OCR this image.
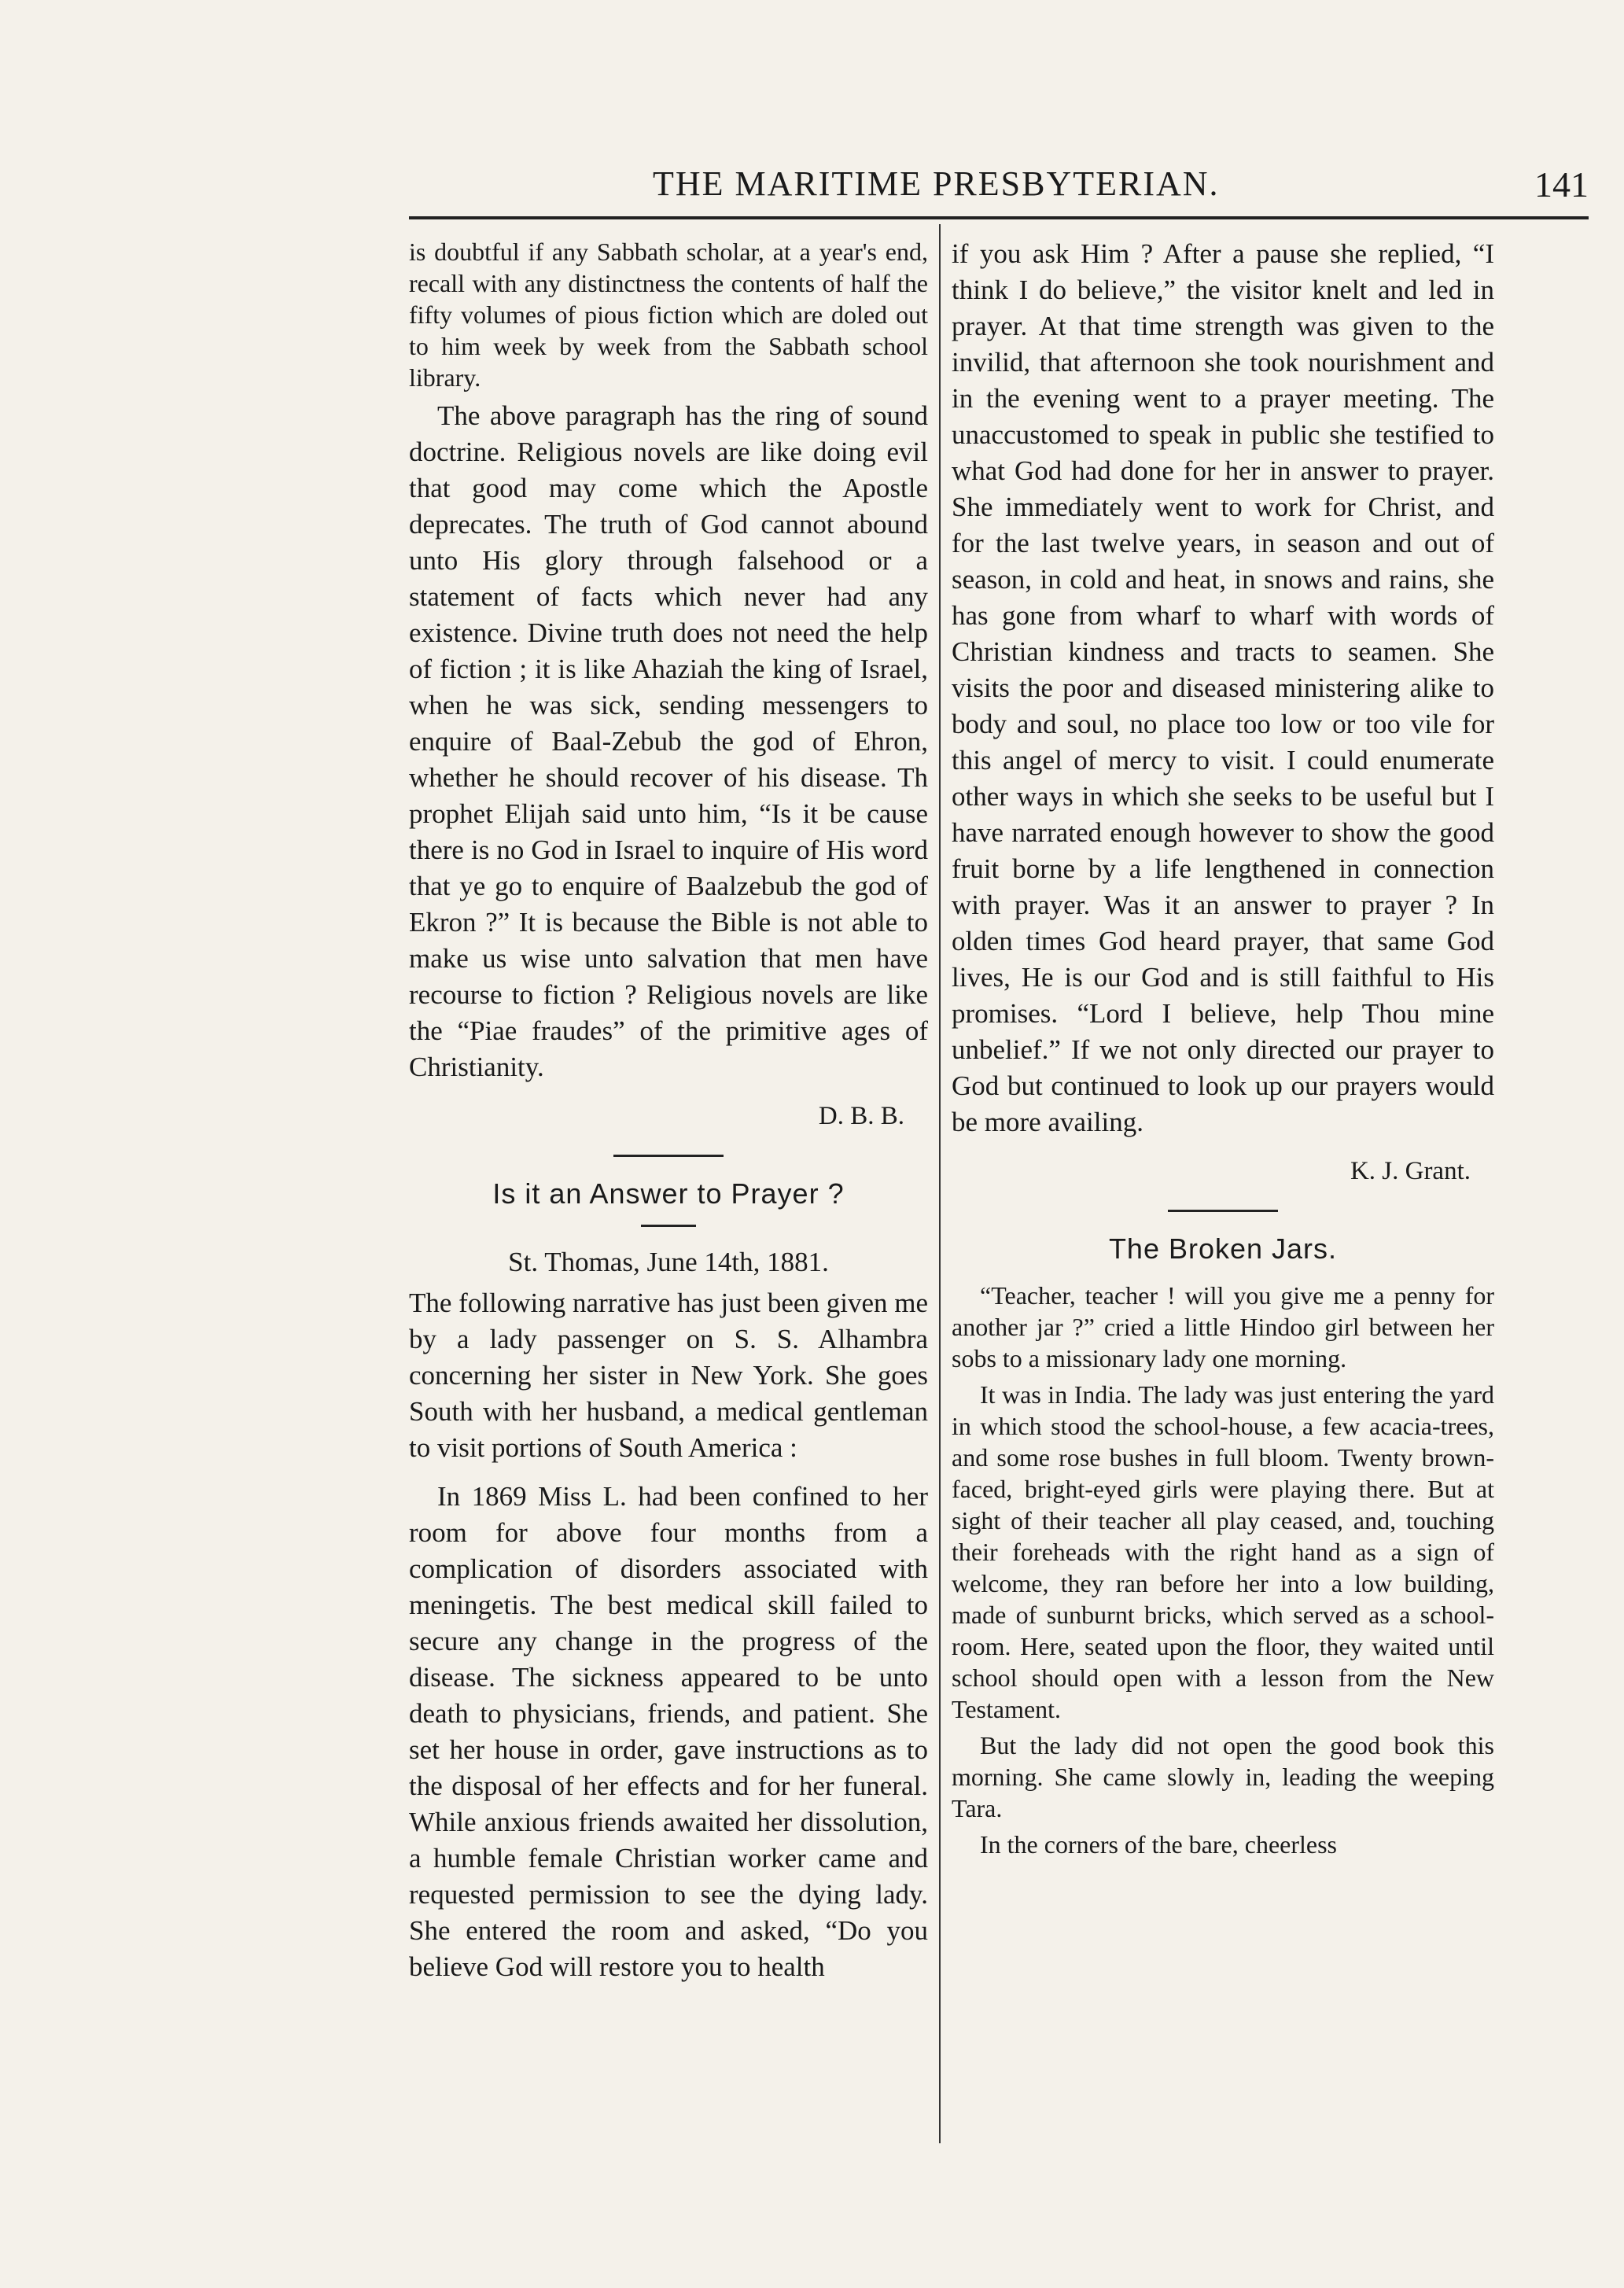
THE MARITIME PRESBYTERIAN.	141

is doubtful if any Sabbath scholar, at a year's end, recall with any distinctness the contents of half the fifty volumes of pious fiction which are doled out to him week by week from the Sabbath school library.

The above paragraph has the ring of sound doctrine. Religious novels are like doing evil that good may come which the Apostle deprecates. The truth of God cannot abound unto His glory through falsehood or a statement of facts which never had any existence. Divine truth does not need the help of fiction ; it is like Ahaziah the king of Israel, when he was sick, sending messengers to enquire of Baal-Zebub the god of Ehron, whether he should recover of his disease. Th prophet Elijah said unto him, “Is it be cause there is no God in Israel to inquire of His word that ye go to enquire of Baalzebub the god of Ekron ?” It is because the Bible is not able to make us wise unto salvation that men have recourse to fiction ? Religious novels are like the “Piae fraudes” of the primitive ages of Christianity.

D. B. B.

Is it an Answer to Prayer ?

St. Thomas, June 14th, 1881.

The following narrative has just been given me by a lady passenger on S. S. Alhambra concerning her sister in New York. She goes South with her husband, a medical gentleman to visit portions of South America :

In 1869 Miss L. had been confined to her room for above four months from a complication of disorders associated with meningetis. The best medical skill failed to secure any change in the progress of the disease. The sickness appeared to be unto death to physicians, friends, and patient. She set her house in order, gave instructions as to the disposal of her effects and for her funeral. While anxious friends awaited her dissolution, a humble female Christian worker came and requested permission to see the dying lady. She entered the room and asked, “Do you believe God will restore you to health

if you ask Him ? After a pause she replied, “I think I do believe,” the visitor knelt and led in prayer. At that time strength was given to the invilid, that afternoon she took nourishment and in the evening went to a prayer meeting. The unaccustomed to speak in public she testified to what God had done for her in answer to prayer. She immediately went to work for Christ, and for the last twelve years, in season and out of season, in cold and heat, in snows and rains, she has gone from wharf to wharf with words of Christian kindness and tracts to seamen. She visits the poor and diseased ministering alike to body and soul, no place too low or too vile for this angel of mercy to visit. I could enumerate other ways in which she seeks to be useful but I have narrated enough however to show the good fruit borne by a life lengthened in connection with prayer. Was it an answer to prayer ? In olden times God heard prayer, that same God lives, He is our God and is still faithful to His promises. “Lord I believe, help Thou mine unbelief.” If we not only directed our prayer to God but continued to look up our prayers would be more availing.

K. J. Grant.

The Broken Jars.

“Teacher, teacher ! will you give me a penny for another jar ?” cried a little Hindoo girl between her sobs to a missionary lady one morning.

It was in India. The lady was just entering the yard in which stood the school-house, a few acacia-trees, and some rose bushes in full bloom. Twenty brown-faced, bright-eyed girls were playing there. But at sight of their teacher all play ceased, and, touching their foreheads with the right hand as a sign of welcome, they ran before her into a low building, made of sunburnt bricks, which served as a school-room. Here, seated upon the floor, they waited until school should open with a lesson from the New Testament.

But the lady did not open the good book this morning. She came slowly in, leading the weeping Tara.

In the corners of the bare, cheerless
